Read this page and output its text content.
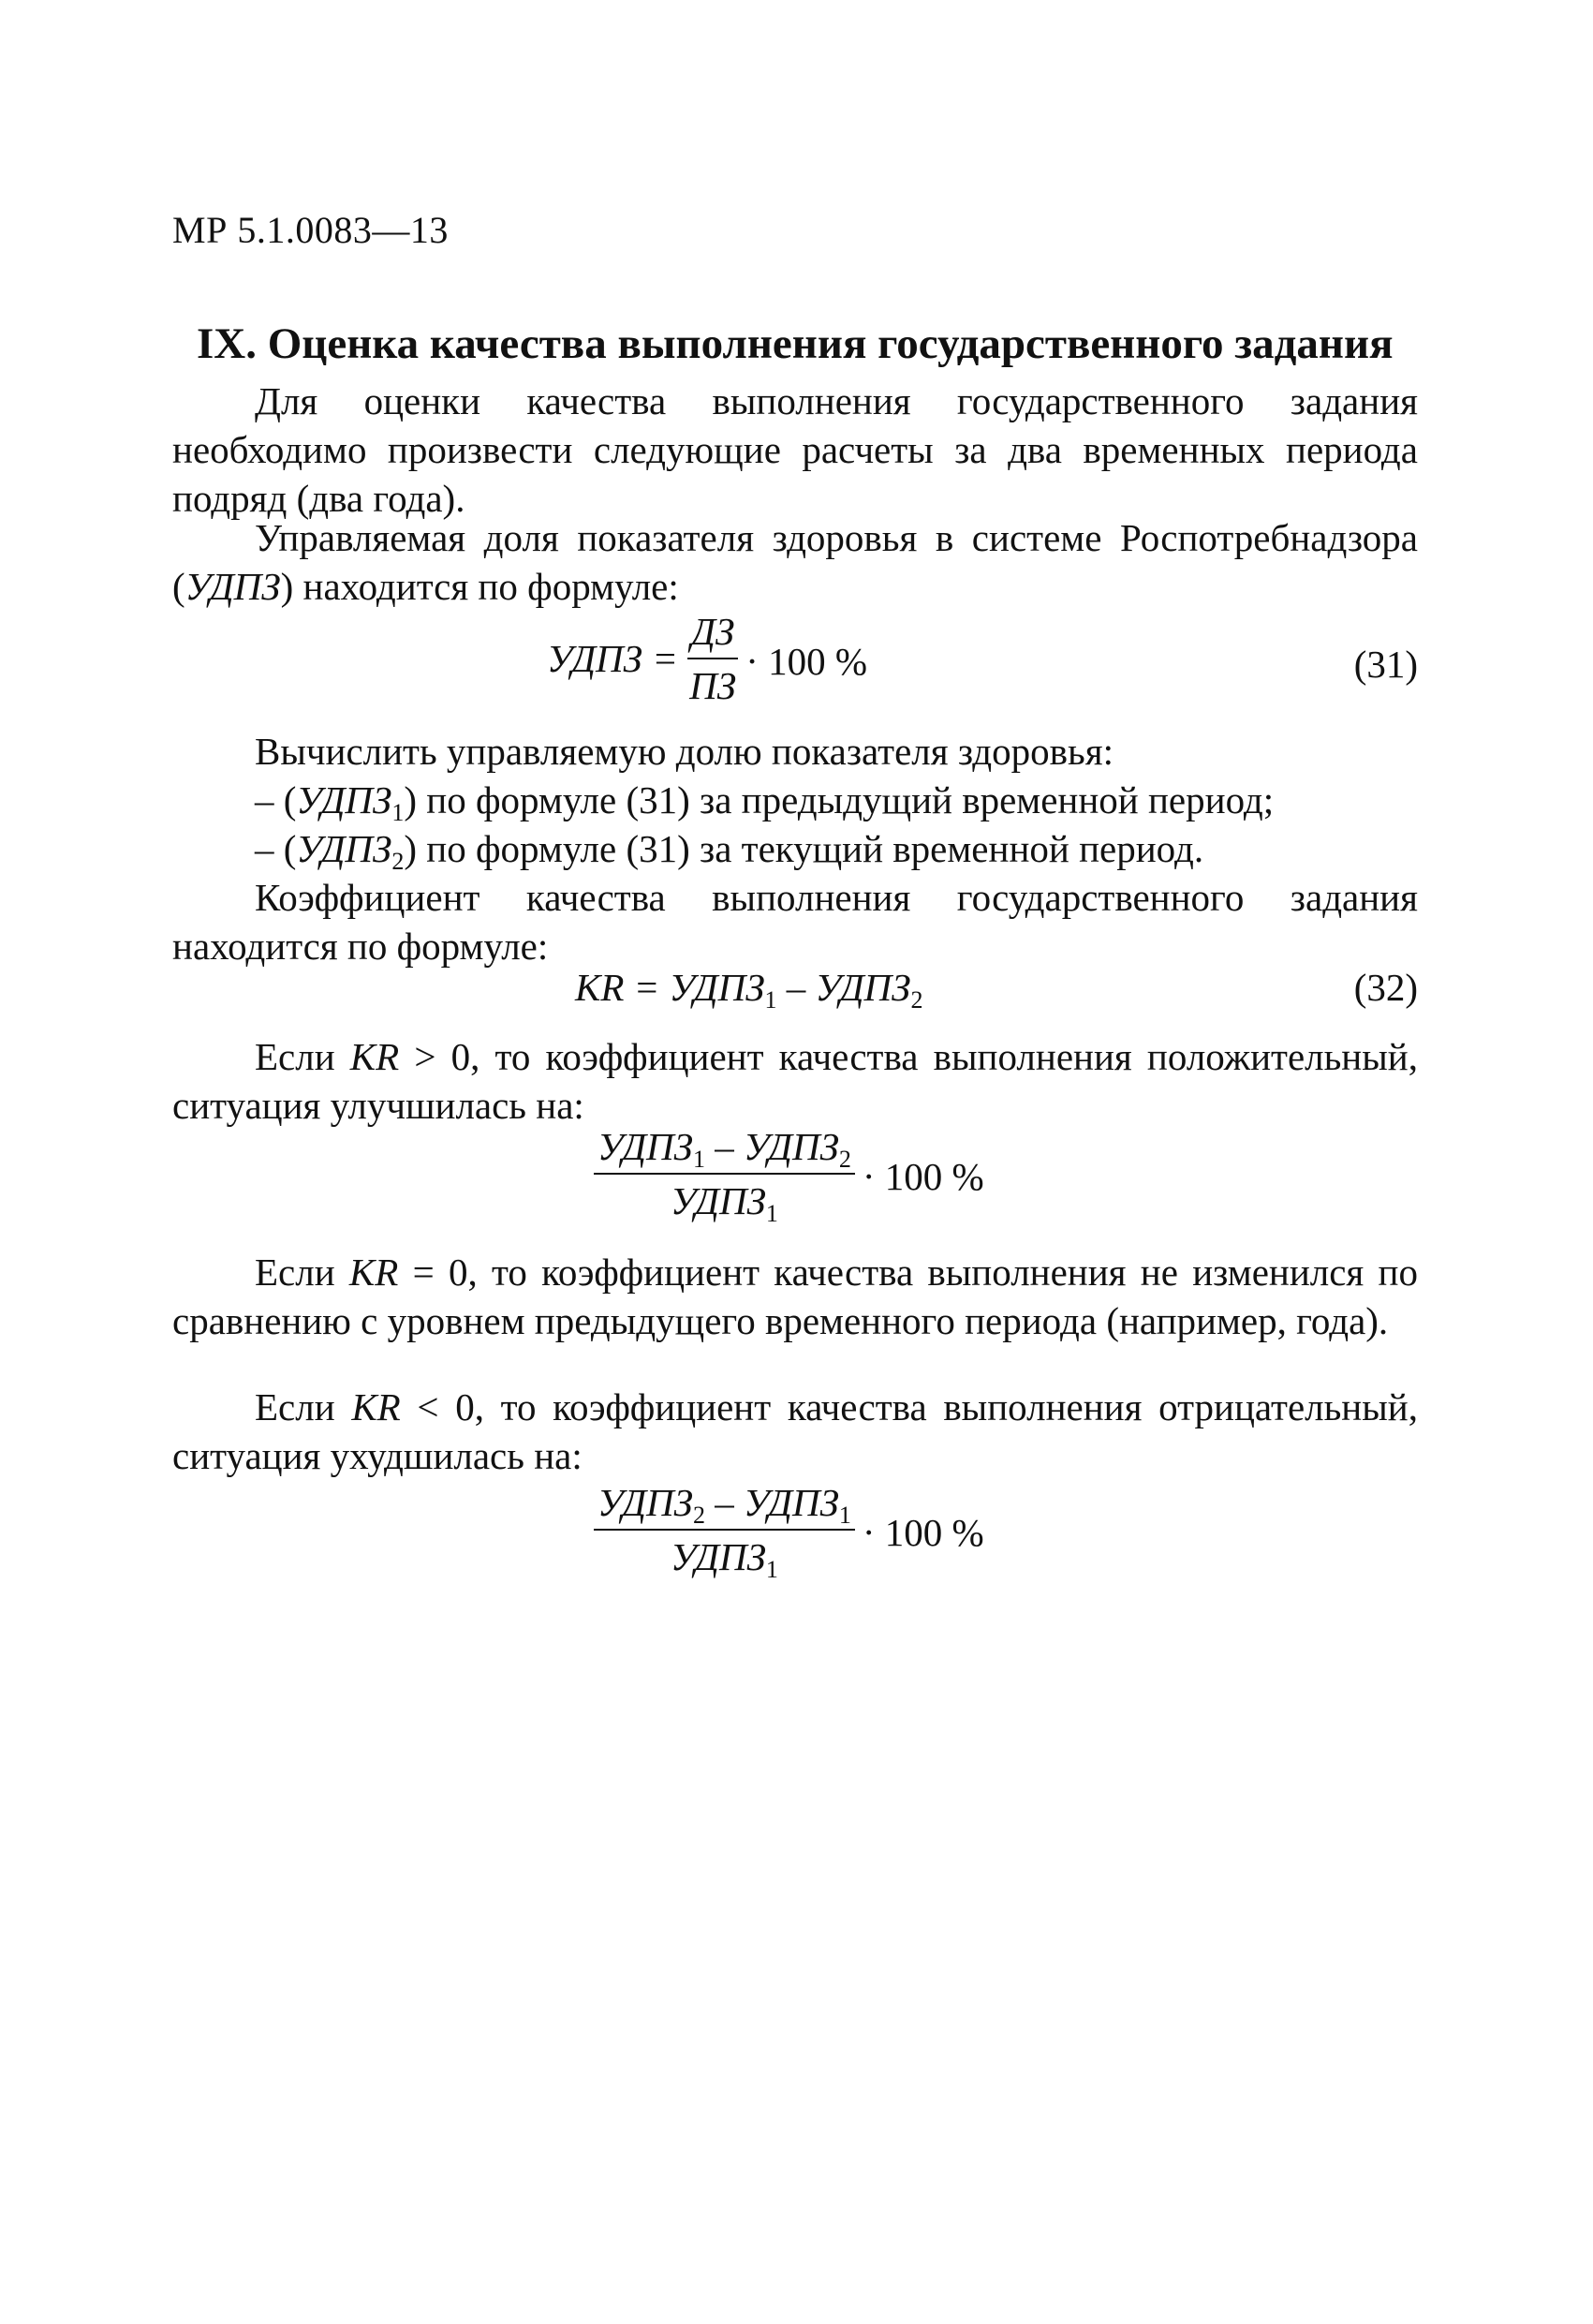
МР 5.1.0083—13
IX. Оценка качества выполнения государственного задания
Для оценки качества выполнения государственного задания необходимо произвести следующие расчеты за два временных периода подряд (два года).
Управляемая доля показателя здоровья в системе Роспотребнадзора (УДПЗ) находится по формуле:
УДПЗ = $\frac{ДЗ}{ПЗ} \cdot 100$ %	(31)
Вычислить управляемую долю показателя здоровья:
– $(УДПЗ_1)$ по формуле (31) за предыдущий временной период;
– $(УДПЗ_2)$ по формуле (31) за текущий временной период.
Коэффициент качества выполнения государственного задания находится по формуле:
KR = $УДПЗ_1$ – $УДПЗ_2$	(32)
Если KR > 0, то коэффициент качества выполнения положительный, ситуация улучшилась на:
$\frac{УДПЗ_1 - УДПЗ_2}{УДПЗ_1} \cdot 100$ %
Если KR = 0, то коэффициент качества выполнения не изменился по сравнению с уровнем предыдущего временного периода (например, года).
Если KR < 0, то коэффициент качества выполнения отрицательный, ситуация ухудшилась на:
$\frac{УДПЗ_2 - УДПЗ_1}{УДПЗ_1} \cdot 100$ %
